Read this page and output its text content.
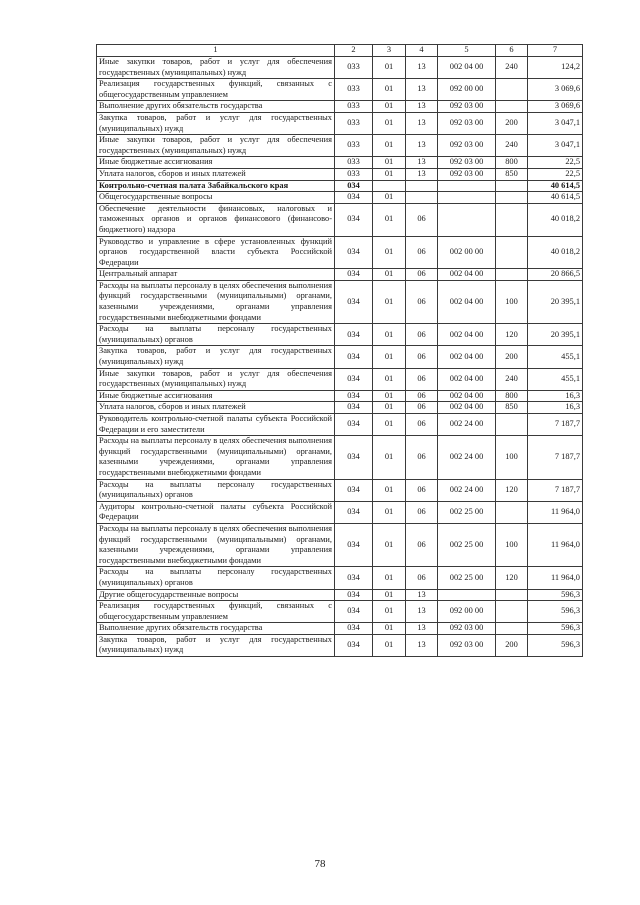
1	2	3	4	5	6	7
Иные закупки товаров, работ и услуг для обеспечения государственных (муниципальных) нужд	033	01	13	002 04 00	240	124,2
Реализация государственных функций, связанных с общегосударственным управлением	033	01	13	092 00 00		3 069,6
Выполнение других обязательств государства	033	01	13	092 03 00		3 069,6
Закупка товаров, работ и услуг для государственных (муниципальных) нужд	033	01	13	092 03 00	200	3 047,1
Иные закупки товаров, работ и услуг для обеспечения государственных (муниципальных) нужд	033	01	13	092 03 00	240	3 047,1
Иные бюджетные ассигнования	033	01	13	092 03 00	800	22,5
Уплата налогов, сборов и иных платежей	033	01	13	092 03 00	850	22,5
Контрольно-счетная палата Забайкальского края	034					40 614,5
Общегосударственные вопросы	034	01				40 614,5
Обеспечение деятельности финансовых, налоговых и таможенных органов и органов финансового (финансово-бюджетного) надзора	034	01	06			40 018,2
Руководство и управление в сфере установленных функций органов государственной власти субъекта Российской Федерации	034	01	06	002 00 00		40 018,2
Центральный аппарат	034	01	06	002 04 00		20 866,5
Расходы на выплаты персоналу в целях обеспечения выполнения функций государственными (муниципальными) органами, казенными учреждениями, органами управления государственными внебюджетными фондами	034	01	06	002 04 00	100	20 395,1
Расходы на выплаты персоналу государственных (муниципальных) органов	034	01	06	002 04 00	120	20 395,1
Закупка товаров, работ и услуг для государственных (муниципальных) нужд	034	01	06	002 04 00	200	455,1
Иные закупки товаров, работ и услуг для обеспечения государственных (муниципальных) нужд	034	01	06	002 04 00	240	455,1
Иные бюджетные ассигнования	034	01	06	002 04 00	800	16,3
Уплата налогов, сборов и иных платежей	034	01	06	002 04 00	850	16,3
Руководитель контрольно-счетной палаты субъекта Российской Федерации и его заместители	034	01	06	002 24 00		7 187,7
Расходы на выплаты персоналу в целях обеспечения выполнения функций государственными (муниципальными) органами, казенными учреждениями, органами управления государственными внебюджетными фондами	034	01	06	002 24 00	100	7 187,7
Расходы на выплаты персоналу государственных (муниципальных) органов	034	01	06	002 24 00	120	7 187,7
Аудиторы контрольно-счетной палаты субъекта Российской Федерации	034	01	06	002 25 00		11 964,0
Расходы на выплаты персоналу в целях обеспечения выполнения функций государственными (муниципальными) органами, казенными учреждениями, органами управления государственными внебюджетными фондами	034	01	06	002 25 00	100	11 964,0
Расходы на выплаты персоналу государственных (муниципальных) органов	034	01	06	002 25 00	120	11 964,0
Другие общегосударственные вопросы	034	01	13			596,3
Реализация государственных функций, связанных с общегосударственным управлением	034	01	13	092 00 00		596,3
Выполнение других обязательств государства	034	01	13	092 03 00		596,3
Закупка товаров, работ и услуг для государственных (муниципальных) нужд	034	01	13	092 03 00	200	596,3
78
